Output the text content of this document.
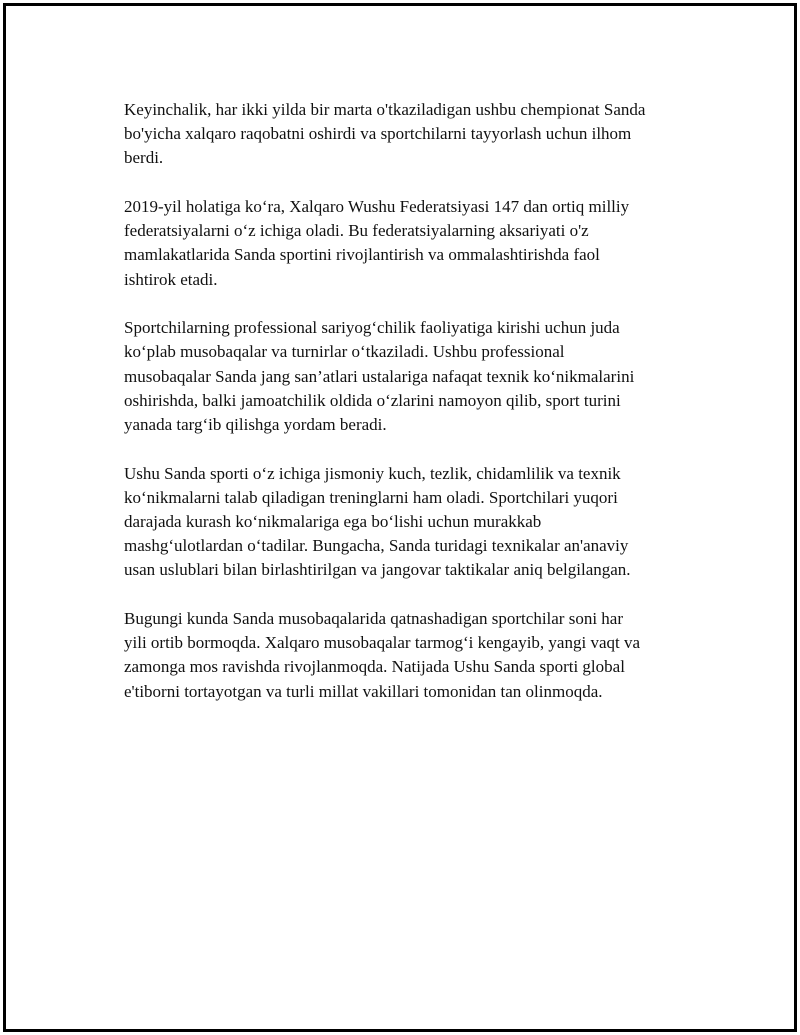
Keyinchalik, har ikki yilda bir marta o'tkaziladigan ushbu chempionat Sanda
bo'yicha xalqaro raqobatni oshirdi va sportchilarni tayyorlash uchun ilhom
berdi.

2019-yil holatiga ko‘ra, Xalqaro Wushu Federatsiyasi 147 dan ortiq milliy
federatsiyalarni o‘z ichiga oladi. Bu federatsiyalarning aksariyati o'z
mamlakatlarida Sanda sportini rivojlantirish va ommalashtirishda faol
ishtirok etadi.

Sportchilarning professional sariyog‘chilik faoliyatiga kirishi uchun juda
ko‘plab musobaqalar va turnirlar o‘tkaziladi. Ushbu professional
musobaqalar Sanda jang san’atlari ustalariga nafaqat texnik ko‘nikmalarini
oshirishda, balki jamoatchilik oldida o‘zlarini namoyon qilib, sport turini
yanada targ‘ib qilishga yordam beradi.

Ushu Sanda sporti o‘z ichiga jismoniy kuch, tezlik, chidamlilik va texnik
ko‘nikmalarni talab qiladigan treninglarni ham oladi. Sportchilari yuqori
darajada kurash ko‘nikmalariga ega bo‘lishi uchun murakkab
mashg‘ulotlardan o‘tadilar. Bungacha, Sanda turidagi texnikalar an'anaviy
usan uslublari bilan birlashtirilgan va jangovar taktikalar aniq belgilangan.

Bugungi kunda Sanda musobaqalarida qatnashadigan sportchilar soni har
yili ortib bormoqda. Xalqaro musobaqalar tarmog‘i kengayib, yangi vaqt va
zamonga mos ravishda rivojlanmoqda. Natijada Ushu Sanda sporti global
e'tiborni tortayotgan va turli millat vakillari tomonidan tan olinmoqda.
